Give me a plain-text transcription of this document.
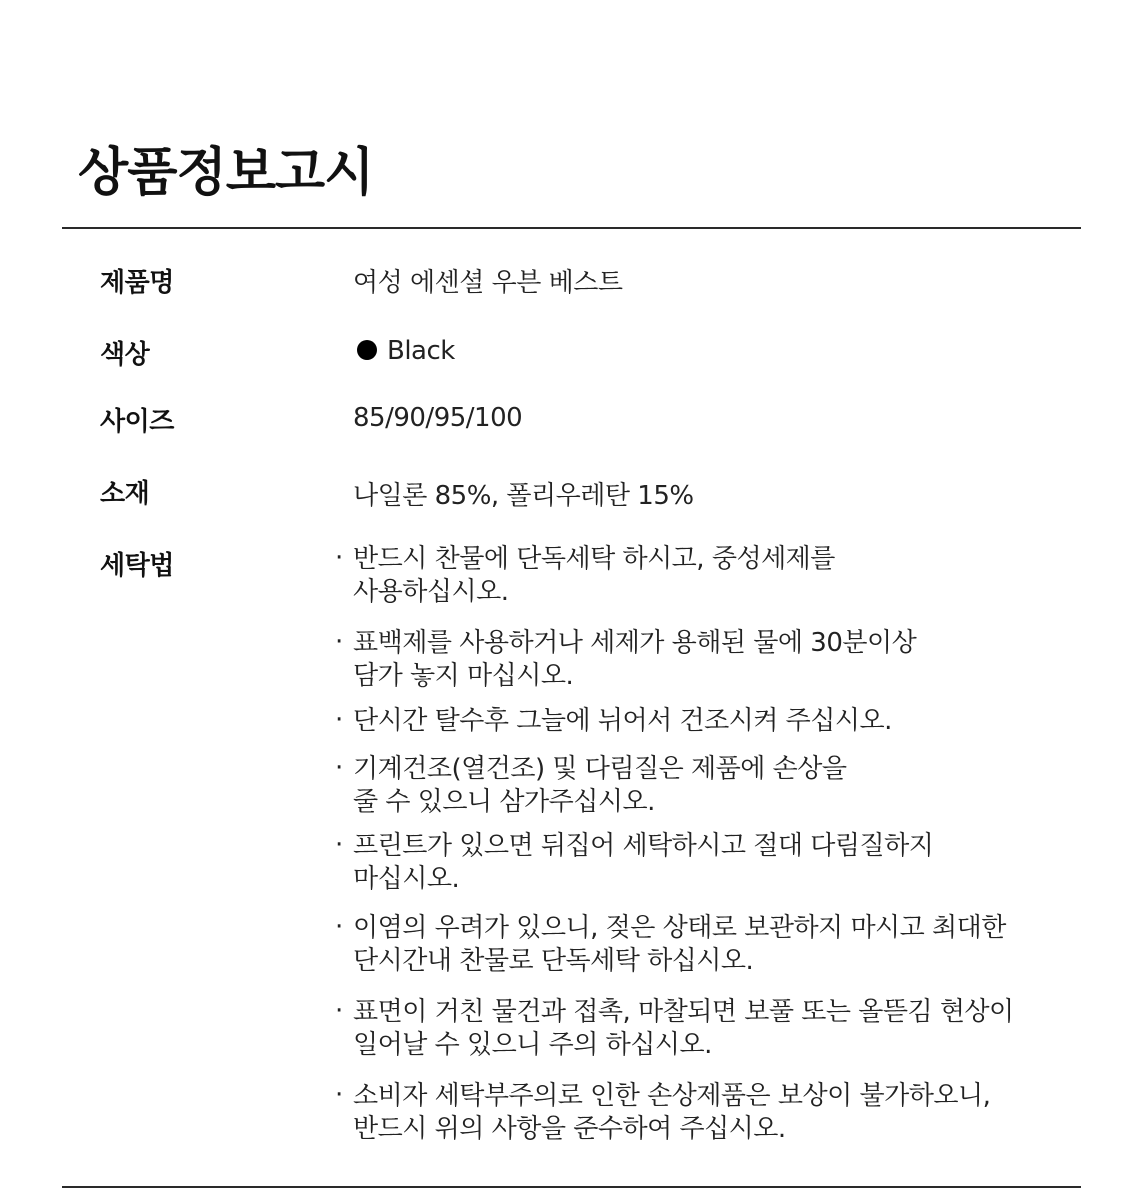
상품정보고시
제품명	여성 에센셜 우븐 베스트
색상	Black
사이즈	85/90/95/100
소재	나일론 85%, 폴리우레탄 15%
세탁법	· 반드시 찬물에 단독세탁 하시고, 중성세제를
사용하십시오.
· 표백제를 사용하거나 세제가 용해된 물에 30분이상
담가 놓지 마십시오.
· 단시간 탈수후 그늘에 뉘어서 건조시켜 주십시오.
· 기계건조(열건조) 및 다림질은 제품에 손상을
줄 수 있으니 삼가주십시오.
· 프린트가 있으면 뒤집어 세탁하시고 절대 다림질하지
마십시오.
· 이염의 우려가 있으니, 젖은 상태로 보관하지 마시고 최대한
단시간내 찬물로 단독세탁 하십시오.
· 표면이 거친 물건과 접촉, 마찰되면 보풀 또는 올뜯김 현상이
일어날 수 있으니 주의 하십시오.
· 소비자 세탁부주의로 인한 손상제품은 보상이 불가하오니,
반드시 위의 사항을 준수하여 주십시오.
